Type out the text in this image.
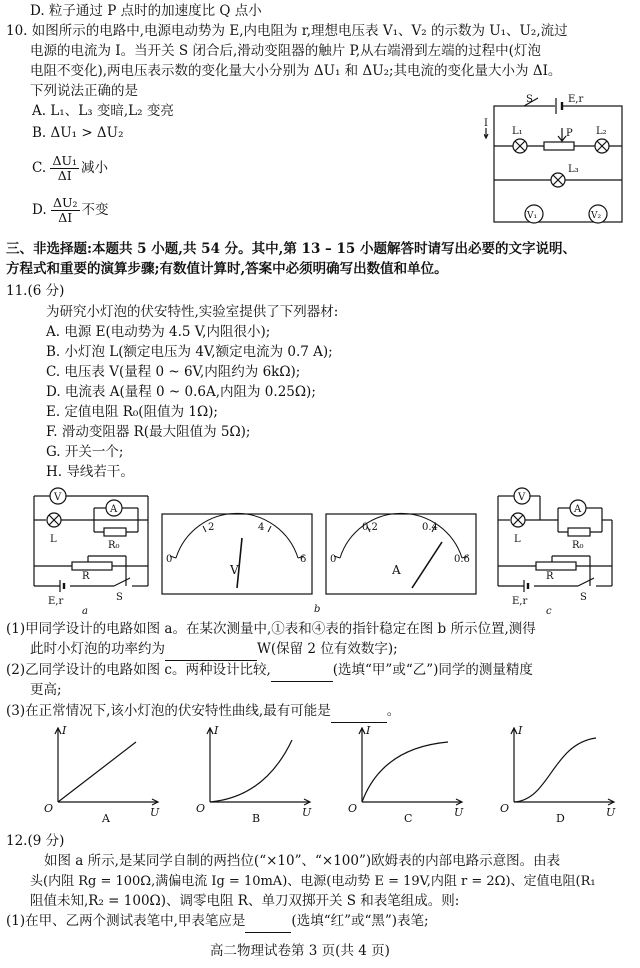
D. 粒子通过 P 点时的加速度比 Q 点小
10. 如图所示的电路中,电源电动势为 E,内电阻为 r,理想电压表 V₁、V₂ 的示数为 U₁、U₂,流过
电源的电流为 I。当开关 S 闭合后,滑动变阻器的触片 P,从右端滑到左端的过程中(灯泡
电阻不变化),两电压表示数的变化量大小分别为 ΔU₁ 和 ΔU₂;其电流的变化量大小为 ΔI。
下列说法正确的是
A. L₁、L₃ 变暗,L₂ 变亮
B. ΔU₁ > ΔU₂
C. $\frac{\text{ΔU₁}}{\Delta I}$ 减小
D. $\frac{\text{ΔU₂}}{\Delta I}$ 不变
S	E,r
I
P
L₁	L₂
L₃
V₁	V₂
三、非选择题:本题共 5 小题,共 54 分。其中,第 13 – 15 小题解答时请写出必要的文字说明、
方程式和重要的演算步骤;有数值计算时,答案中必须明确写出数值和单位。
11.(6 分)
为研究小灯泡的伏安特性,实验室提供了下列器材:
A. 电源 E(电动势为 4.5 V,内阻很小);
B. 小灯泡 L(额定电压为 4V,额定电流为 0.7 A);
C. 电压表 V(量程 0 ~ 6V,内阻约为 6kΩ);
D. 电流表 A(量程 0 ~ 0.6A,内阻为 0.25Ω);
E. 定值电阻 R₀(阻值为 1Ω);
F. 滑动变阻器 R(最大阻值为 5Ω);
G. 开关一个;
H. 导线若干。
V
A
L
R₀
R
E,r	S
a
0
2	4
6
V
0
0.2	0.4
0.6
A
b
V
A
L
R₀
R
E,r	S
c
(1)甲同学设计的电路如图 a。在某次测量中,①表和④表的指针稳定在图 b 所示位置,测得
此时小灯泡的功率约为	W(保留 2 位有效数字);
(2)乙同学设计的电路如图 c。两种设计比较,	(选填“甲”或“乙”)同学的测量精度
更高;
(3)在正常情况下,该小灯泡的伏安特性曲线,最有可能是	。
I
O	U
A
I
O	U
B
I
O	U
C
I
O	U
D
12.(9 分)
如图 a 所示,是某同学自制的两挡位(“×10”、“×100”)欧姆表的内部电路示意图。由表
头(内阻 Rg = 100Ω,满偏电流 Ig = 10mA)、电源(电动势 E = 19V,内阻 r = 2Ω)、定值电阻(R₁
阻值未知,R₂ = 100Ω)、调零电阻 R、单刀双掷开关 S 和表笔组成。则:
(1)在甲、乙两个测试表笔中,甲表笔应是	(选填“红”或“黑”)表笔;
高二物理试卷第 3 页(共 4 页)
